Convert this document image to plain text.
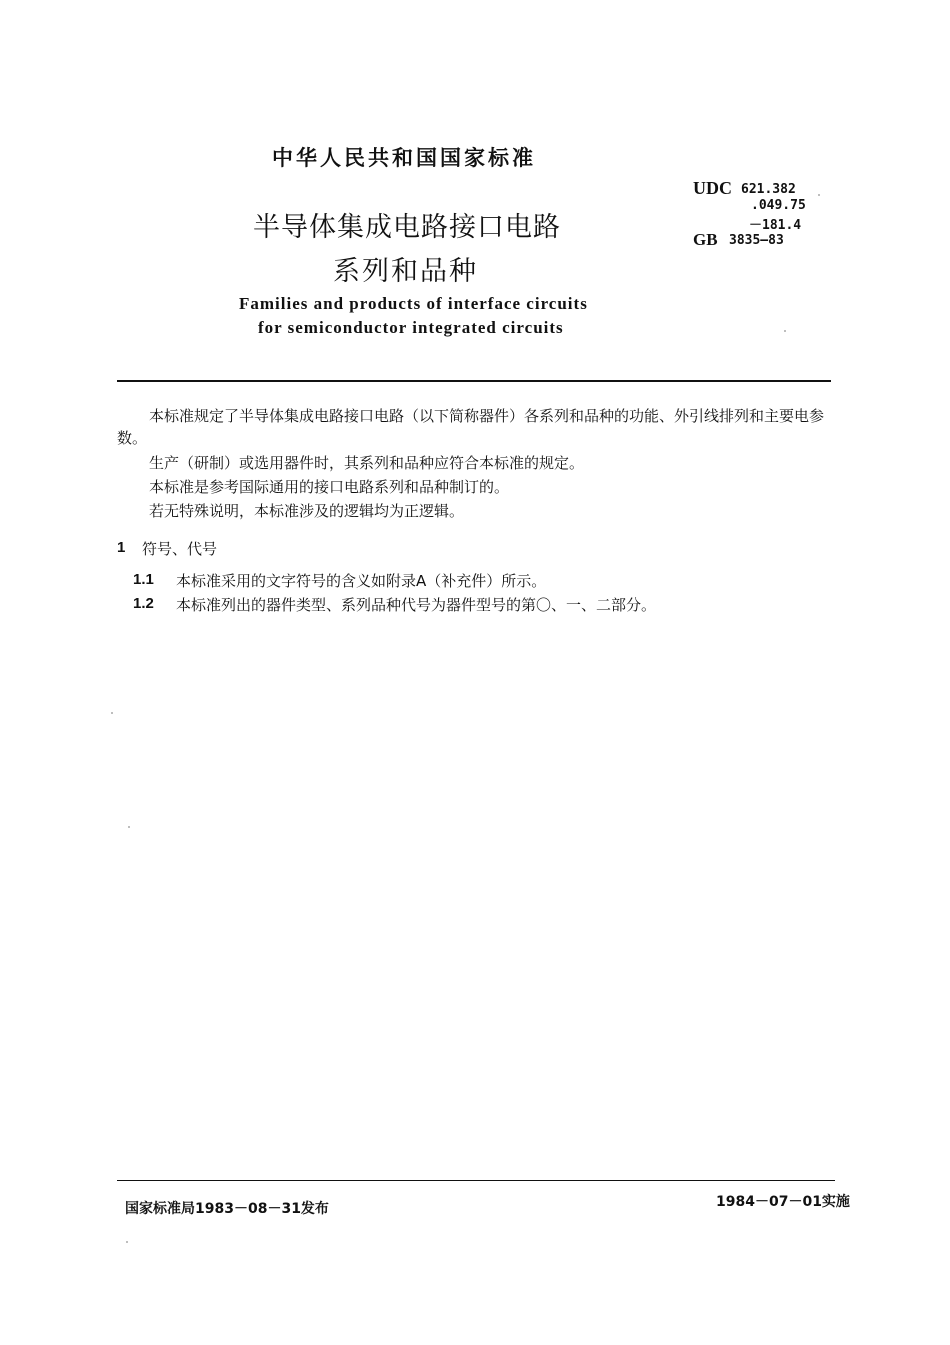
中华人民共和国国家标准
UDC 621.382
.049.75
－181.4
GB 3835—83
半导体集成电路接口电路
系列和品种
Families and products of interface circuits
for semiconductor integrated circuits
本标准规定了半导体集成电路接口电路（以下简称器件）各系列和品种的功能、外引线排列和主要电参数。
生产（研制）或选用器件时，其系列和品种应符合本标准的规定。
本标准是参考国际通用的接口电路系列和品种制订的。
若无特殊说明，本标准涉及的逻辑均为正逻辑。
1 符号、代号
1.1 本标准采用的文字符号的含义如附录A（补充件）所示。
1.2 本标准列出的器件类型、系列品种代号为器件型号的第〇、一、二部分。
国家标准局1983－08－31发布	1984－07－01实施
